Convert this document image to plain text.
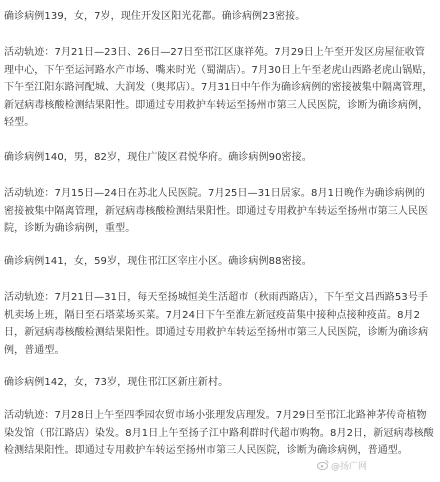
确诊病例139，女，7岁，现住开发区阳光花都。确诊病例23密接。

活动轨迹：7月21日—23日、26日—27日至邗江区康祥苑。7月29日上午至开发区房屋征收管理中心，下午至运河路水产市场、嘴来时光（蜀湖店）。7月30日上午至老虎山西路老虎山锅贴，下午至江阳东路河配城、大润发（奥邦店）。7月31日中午作为确诊病例的密接被集中隔离管理，新冠病毒核酸检测结果阳性。即通过专用救护车转运至扬州市第三人民医院，诊断为确诊病例，轻型。

确诊病例140，男，82岁，现住广陵区君悦华府。确诊病例90密接。

活动轨迹：7月15日—24日在苏北人民医院。7月25日—31日居家。8月1日晚作为确诊病例的密接被集中隔离管理，新冠病毒核酸检测结果阳性。即通过专用救护车转运至扬州市第三人民医院，诊断为确诊病例，重型。

确诊病例141，女，59岁，现住邗江区宰庄小区。确诊病例88密接。

活动轨迹：7月21日—31日，每天至扬城恒美生活超市（秋雨西路店），下午至文昌西路53号手机卖场上班，隔日至石塔菜场买菜。7月24日下午至淮左新冠疫苗集中接种点接种疫苗。8月2日，新冠病毒核酸检测结果阳性。即通过专用救护车转运至扬州市第三人民医院，诊断为确诊病例，普通型。

确诊病例142，女，73岁，现住邗江区新庄新村。

活动轨迹：7月28日上午至四季园农贸市场小张理发店理发。7月29日至邗江北路神茅传奇植物染发馆（邗江路店）染发。8月1日上午至扬子江中路利群时代超市购物。8月2日，新冠病毒核酸检测结果阳性。即通过专用救护车转运至扬州市第三人民医院，诊断为确诊病例，普通型。

@扬广网
